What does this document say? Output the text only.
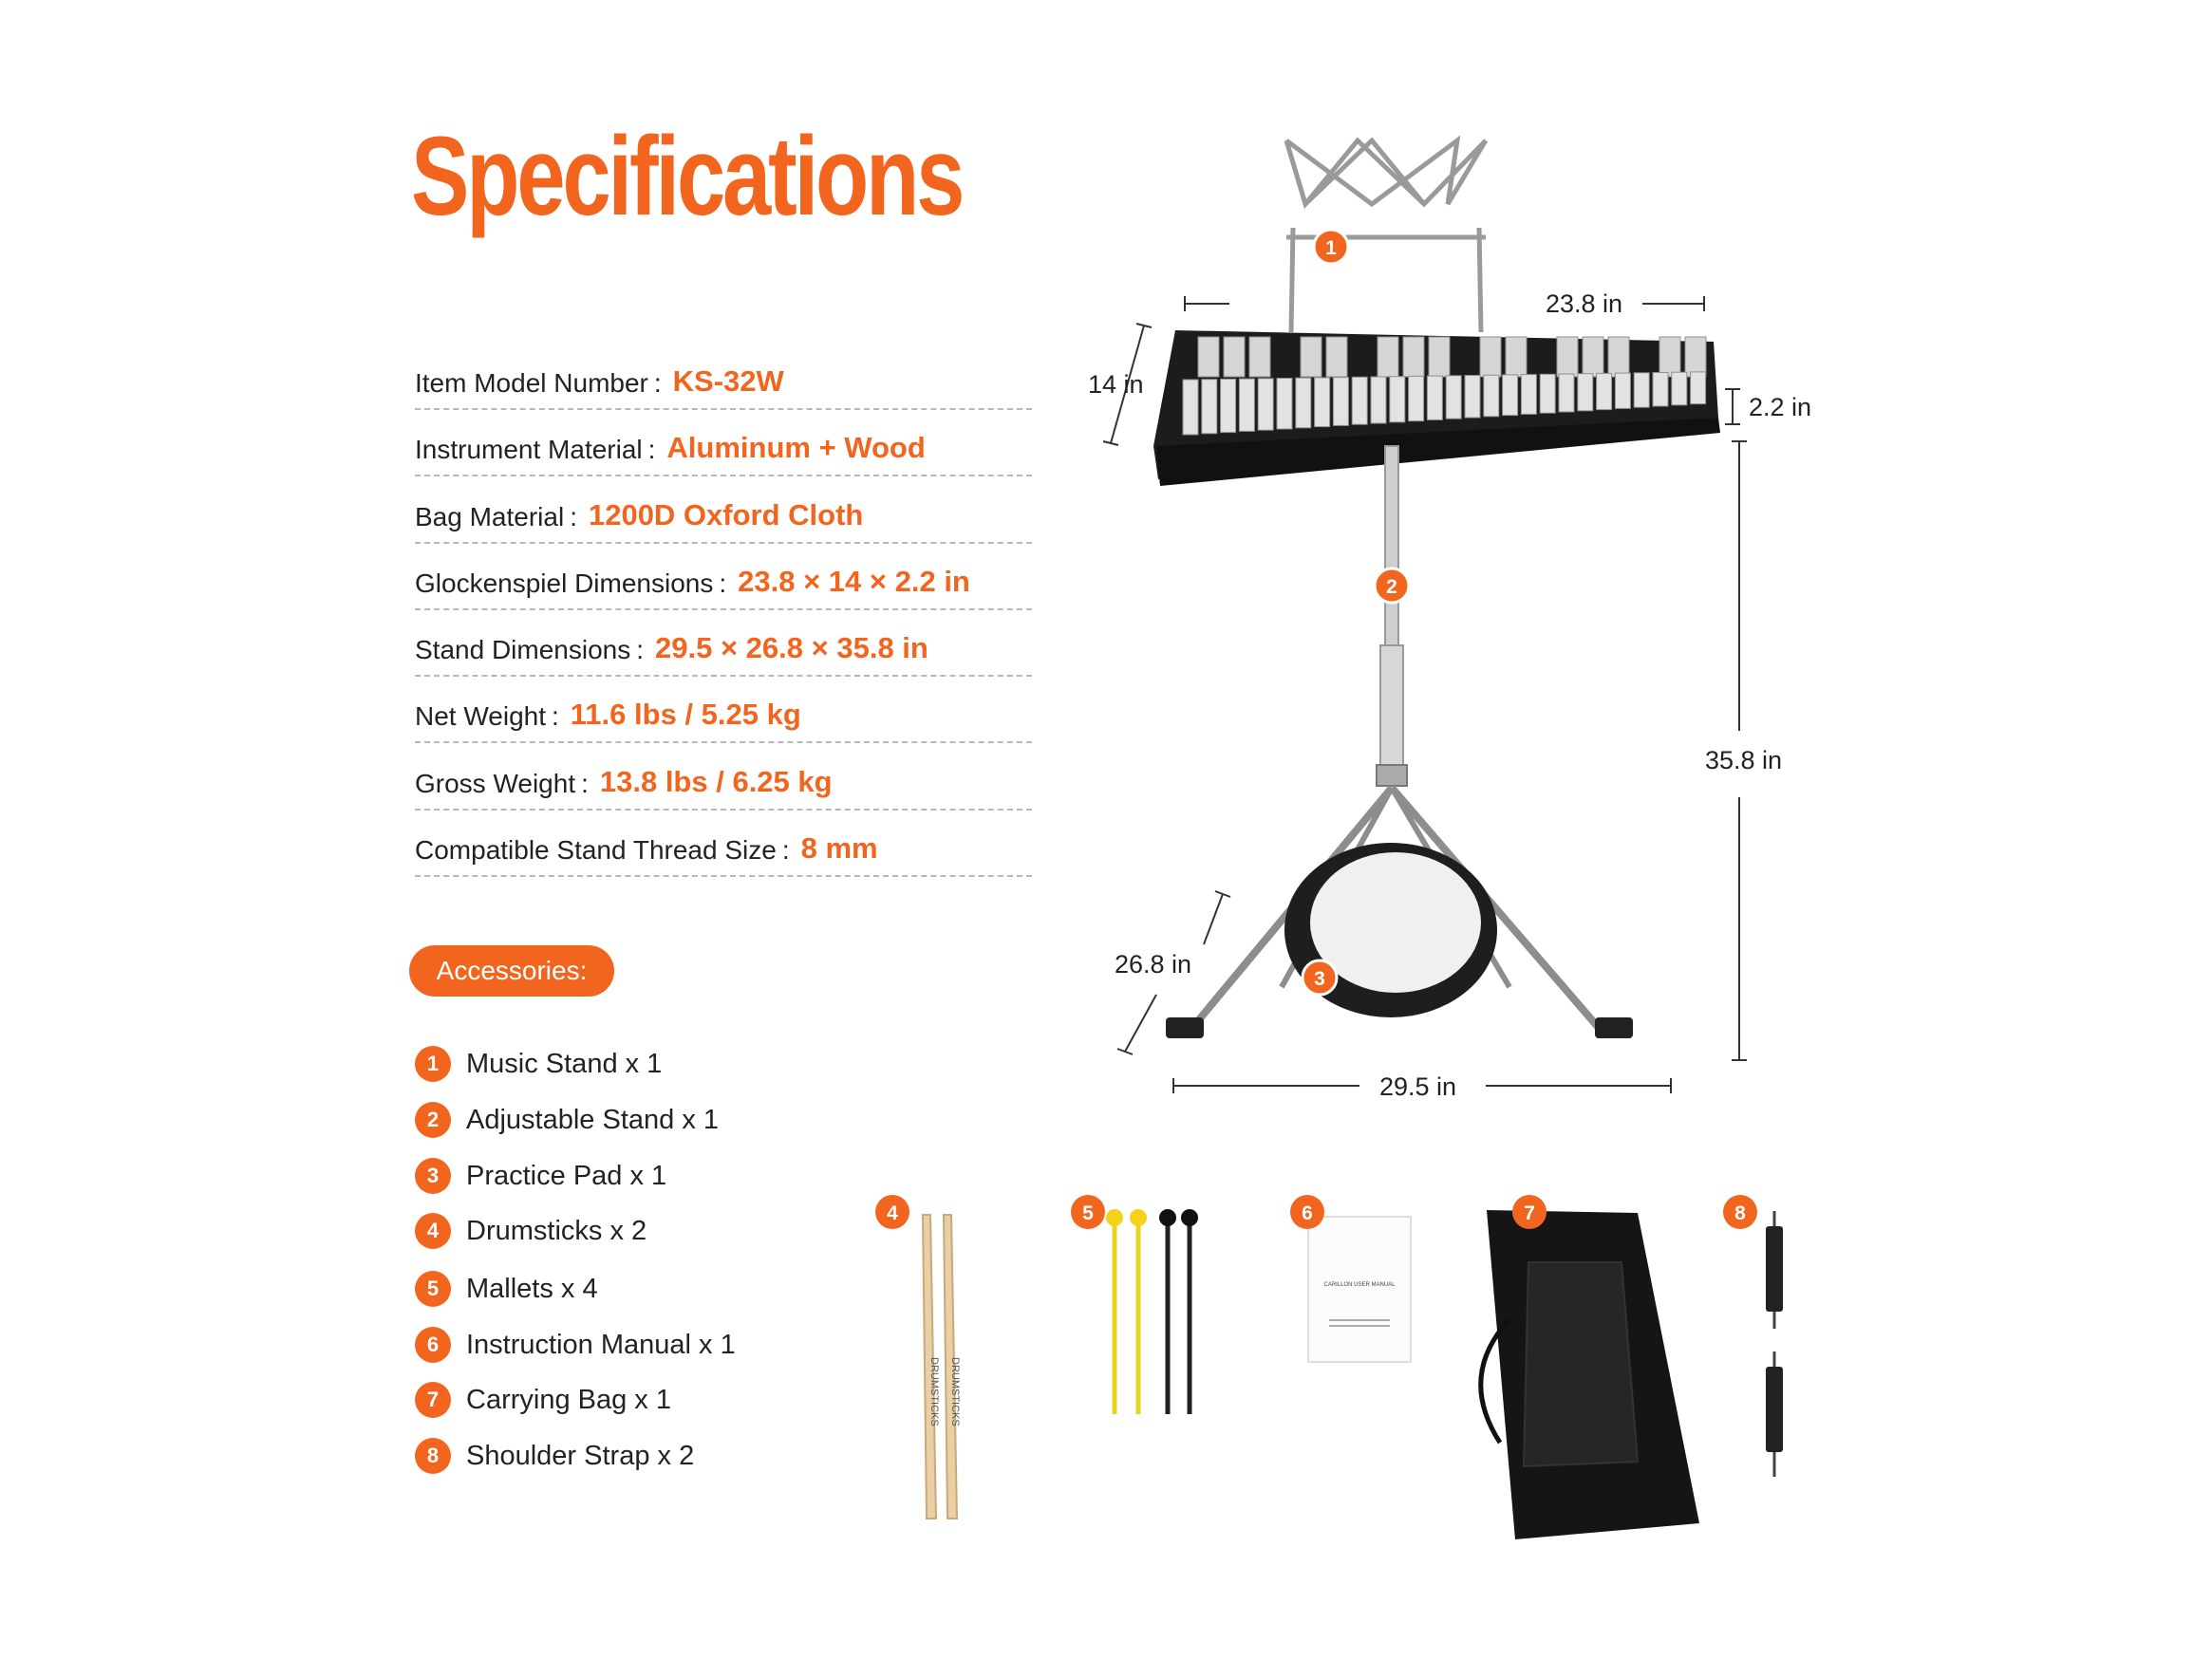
Specifications
Item Model Number : KS-32W
Instrument Material : Aluminum + Wood
Bag Material : 1200D Oxford Cloth
Glockenspiel Dimensions : 23.8 × 14 × 2.2 in
Stand Dimensions : 29.5 × 26.8 × 35.8 in
Net Weight : 11.6 lbs / 5.25 kg
Gross Weight : 13.8 lbs / 6.25 kg
Compatible Stand Thread Size : 8 mm
Accessories:
1 Music Stand x 1
2 Adjustable Stand x 1
3 Practice Pad x 1
4 Drumsticks x 2
5 Mallets x 4
6 Instruction Manual x 1
7 Carrying Bag x 1
8 Shoulder Strap x 2
DRUMSTICKS DRUMSTICKS
CARILLON USER MANUAL
1
2
3
4	5	6	7	8
23.8 in
14 in
2.2 in
35.8 in
26.8 in
29.5 in
